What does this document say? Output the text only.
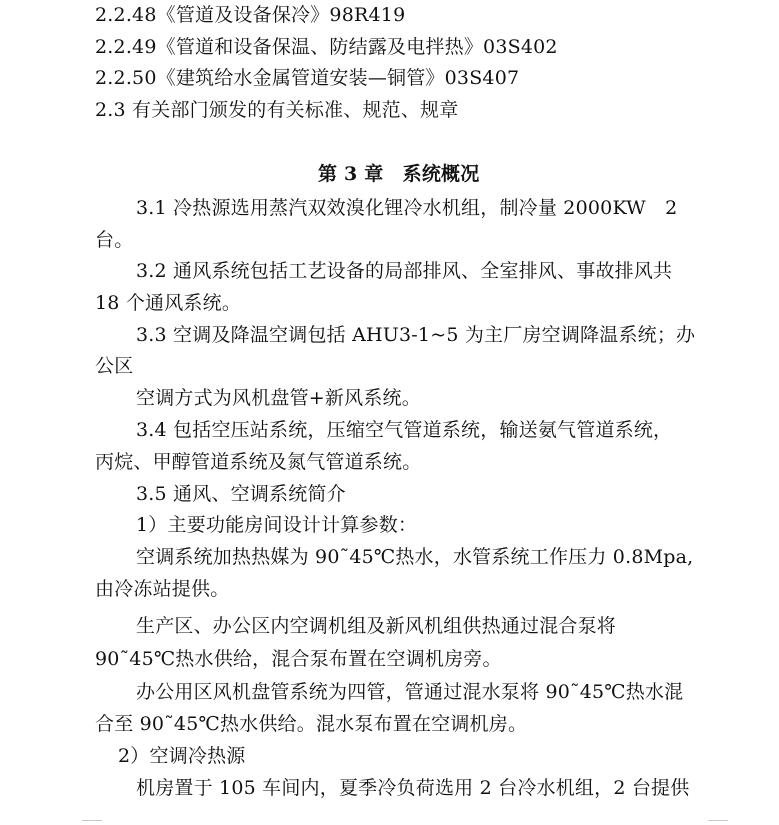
2.2.48《管道及设备保冷》98R419
2.2.49《管道和设备保温、防结露及电拌热》03S402
2.2.50《建筑给水金属管道安装—铜管》03S407
2.3 有关部门颁发的有关标准、规范、规章
第 3 章　系统概况
3.1 冷热源选用蒸汽双效溴化锂冷水机组，制冷量 2000KW　2
台。
3.2 通风系统包括工艺设备的局部排风、全室排风、事故排风共
18 个通风系统。
3.3 空调及降温空调包括 AHU3-1~5 为主厂房空调降温系统；办
公区
空调方式为风机盘管+新风系统。
3.4 包括空压站系统，压缩空气管道系统，输送氨气管道系统，
丙烷、甲醇管道系统及氮气管道系统。
3.5 通风、空调系统简介
1）主要功能房间设计计算参数：
空调系统加热热媒为 90˜45℃热水，水管系统工作压力 0.8Mpa,
由冷冻站提供。
生产区、办公区内空调机组及新风机组供热通过混合泵将
90˜45℃热水供给，混合泵布置在空调机房旁。
办公用区风机盘管系统为四管，管通过混水泵将 90˜45℃热水混
合至 90˜45℃热水供给。混水泵布置在空调机房。
2）空调冷热源
机房置于 105 车间内，夏季冷负荷选用 2 台冷水机组，2 台提供
